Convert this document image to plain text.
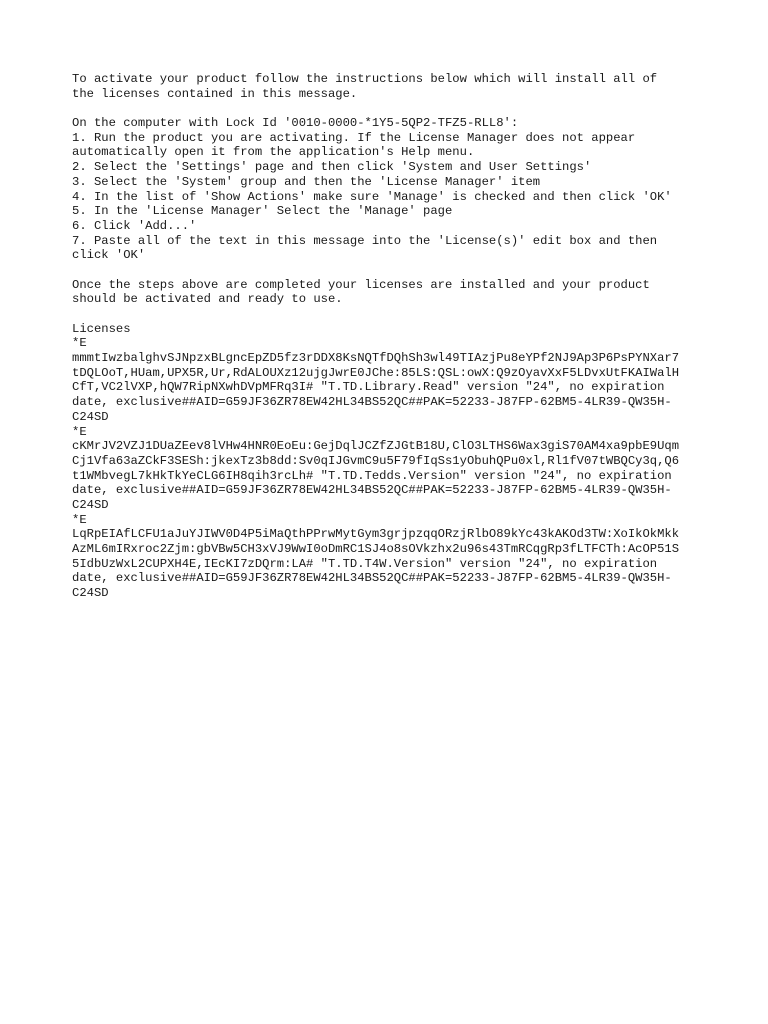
To activate your product follow the instructions below which will install all of
the licenses contained in this message.
On the computer with Lock Id '0010-0000-*1Y5-5QP2-TFZ5-RLL8':
1. Run the product you are activating. If the License Manager does not appear
automatically open it from the application's Help menu.
2. Select the 'Settings' page and then click 'System and User Settings'
3. Select the 'System' group and then the 'License Manager' item
4. In the list of 'Show Actions' make sure 'Manage' is checked and then click 'OK'
5. In the 'License Manager' Select the 'Manage' page
6. Click 'Add...'
7. Paste all of the text in this message into the 'License(s)' edit box and then
click 'OK'
Once the steps above are completed your licenses are installed and your product
should be activated and ready to use.
Licenses
*E
mmmtIwzbalghvSJNpzxBLgncEpZD5fz3rDDX8KsNQTfDQhSh3wl49TIAzjPu8eYPf2NJ9Ap3P6PsPYNXar7
tDQLOoT,HUam,UPX5R,Ur,RdALOUXz12ujgJwrE0JChe:85LS:QSL:owX:Q9zOyavXxF5LDvxUtFKAIWalH
CfT,VC2lVXP,hQW7RipNXwhDVpMFRq3I# "T.TD.Library.Read" version "24", no expiration
date, exclusive##AID=G59JF36ZR78EW42HL34BS52QC##PAK=52233-J87FP-62BM5-4LR39-QW35H-
C24SD
*E
cKMrJV2VZJ1DUaZEev8lVHw4HNR0EoEu:GejDqlJCZfZJGtB18U,ClO3LTHS6Wax3giS70AM4xa9pbE9Uqm
Cj1Vfa63aZCkF3SESh:jkexTz3b8dd:Sv0qIJGvmC9u5F79fIqSs1yObuhQPu0xl,Rl1fV07tWBQCy3q,Q6
t1WMbvegL7kHkTkYeCLG6IH8qih3rcLh# "T.TD.Tedds.Version" version "24", no expiration
date, exclusive##AID=G59JF36ZR78EW42HL34BS52QC##PAK=52233-J87FP-62BM5-4LR39-QW35H-
C24SD
*E
LqRpEIAfLCFU1aJuYJIWV0D4P5iMaQthPPrwMytGym3grjpzqqORzjRlbO89kYc43kAKOd3TW:XoIkOkMkk
AzML6mIRxroc2Zjm:gbVBw5CH3xVJ9WwI0oDmRC1SJ4o8sOVkzhx2u96s43TmRCqgRp3fLTFCTh:AcOP51S
5IdbUzWxL2CUPXH4E,IEcKI7zDQrm:LA# "T.TD.T4W.Version" version "24", no expiration
date, exclusive##AID=G59JF36ZR78EW42HL34BS52QC##PAK=52233-J87FP-62BM5-4LR39-QW35H-
C24SD
